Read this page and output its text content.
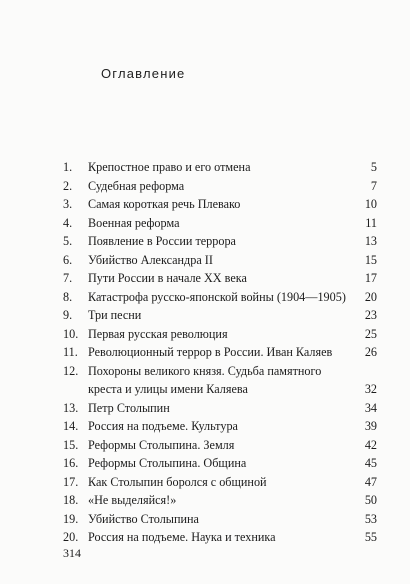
Оглавление
1.	Крепостное право и его отмена	5
2.	Судебная реформа	7
3.	Самая короткая речь Плевако	10
4.	Военная реформа	11
5.	Появление в России террора	13
6.	Убийство Александра II	15
7.	Пути России в начале XX века	17
8.	Катастрофа русско-японской войны (1904—1905)	20
9.	Три песни	23
10. Первая русская революция	25
11. Революционный террор в России. Иван Каляев	26
12. Похороны великого князя. Судьба памятного креста и улицы имени Каляева	32
13. Петр Столыпин	34
14. Россия на подъеме. Культура	39
15. Реформы Столыпина. Земля	42
16. Реформы Столыпина. Община	45
17. Как Столыпин боролся с общиной	47
18. «Не выделяйся!»	50
19. Убийство Столыпина	53
20. Россия на подъеме. Наука и техника	55
314
